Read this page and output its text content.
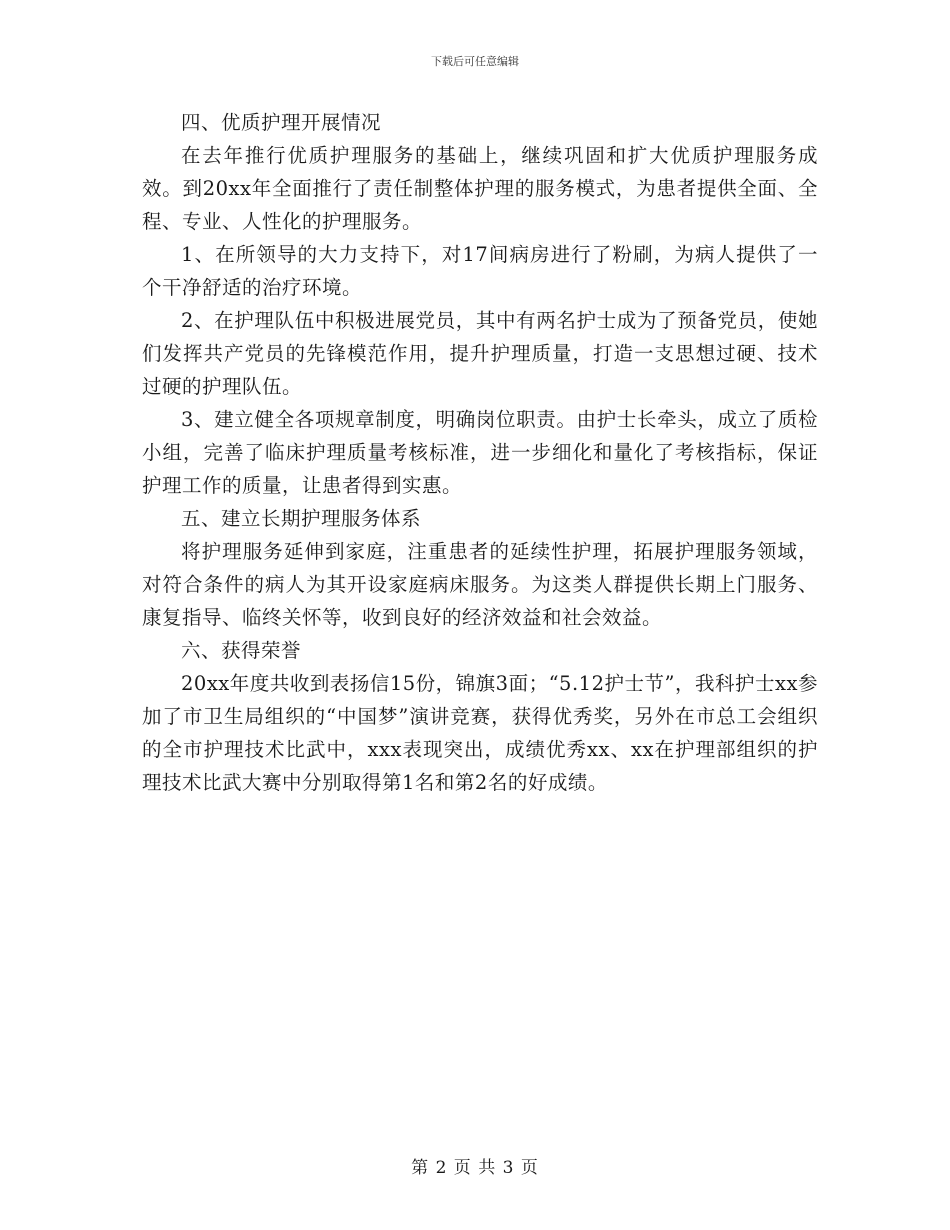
下载后可任意编辑

四、优质护理开展情况

在去年推行优质护理服务的基础上，继续巩固和扩大优质护理服务成效。到20xx年全面推行了责任制整体护理的服务模式，为患者提供全面、全程、专业、人性化的护理服务。

1、在所领导的大力支持下，对17间病房进行了粉刷，为病人提供了一个干净舒适的治疗环境。

2、在护理队伍中积极进展党员，其中有两名护士成为了预备党员，使她们发挥共产党员的先锋模范作用，提升护理质量，打造一支思想过硬、技术过硬的护理队伍。

3、建立健全各项规章制度，明确岗位职责。由护士长牵头，成立了质检小组，完善了临床护理质量考核标准，进一步细化和量化了考核指标，保证护理工作的质量，让患者得到实惠。

五、建立长期护理服务体系

将护理服务延伸到家庭，注重患者的延续性护理，拓展护理服务领域，对符合条件的病人为其开设家庭病床服务。为这类人群提供长期上门服务、康复指导、临终关怀等，收到良好的经济效益和社会效益。

六、获得荣誉

20xx年度共收到表扬信15份，锦旗3面；“5.12护士节”，我科护士xx参加了市卫生局组织的“中国梦”演讲竞赛，获得优秀奖，另外在市总工会组织的全市护理技术比武中，xxx表现突出，成绩优秀xx、xx在护理部组织的护理技术比武大赛中分别取得第1名和第2名的好成绩。

第 2 页 共 3 页
